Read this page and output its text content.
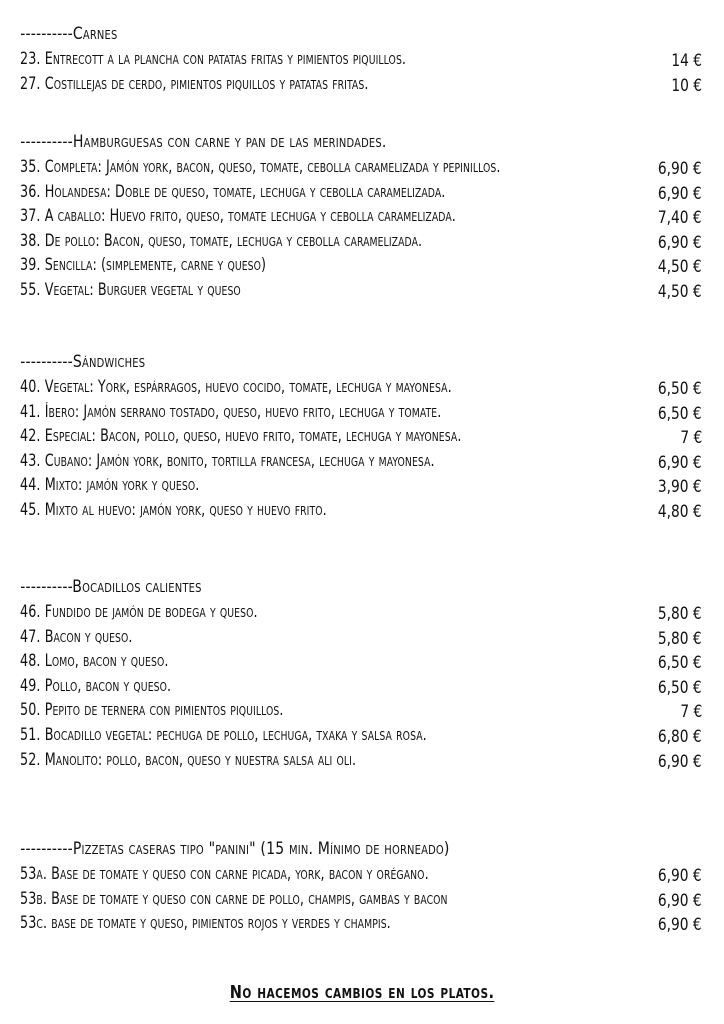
----------Carnes
23. Entrecott a la plancha con patatas fritas y pimientos piquillos.	14 €
27. Costillejas de cerdo, pimientos piquillos y patatas fritas.	10 €
----------Hamburguesas con carne y pan de las merindades.
35. Completa: Jamón york, bacon, queso, tomate, cebolla caramelizada y pepinillos.	6,90 €
36. Holandesa: Doble de queso, tomate, lechuga y cebolla caramelizada.	6,90 €
37. A caballo: Huevo frito, queso, tomate lechuga y cebolla caramelizada.	7,40 €
38. De pollo: Bacon, queso, tomate, lechuga y cebolla caramelizada.	6,90 €
39. Sencilla: (simplemente, carne y queso)	4,50 €
55. Vegetal: Burguer vegetal y queso	4,50 €
----------Sándwiches
40. Vegetal: York, espárragos, huevo cocido, tomate, lechuga y mayonesa.	6,50 €
41. Íbero: Jamón serrano tostado, queso, huevo frito, lechuga y tomate.	6,50 €
42. Especial: Bacon, pollo, queso, huevo frito, tomate, lechuga y mayonesa.	7 €
43. Cubano: Jamón york, bonito, tortilla francesa, lechuga y mayonesa.	6,90 €
44. Mixto: jamón york y queso.	3,90 €
45. Mixto al huevo: jamón york, queso y huevo frito.	4,80 €
----------Bocadillos calientes
46. Fundido de jamón de bodega y queso.	5,80 €
47. Bacon y queso.	5,80 €
48. Lomo, bacon y queso.	6,50 €
49. Pollo, bacon y queso.	6,50 €
50. Pepito de ternera con pimientos piquillos.	7 €
51. Bocadillo vegetal: pechuga de pollo, lechuga, txaka y salsa rosa.	6,80 €
52. Manolito: pollo, bacon, queso y nuestra salsa ali oli.	6,90 €
----------Pizzetas caseras tipo "panini" (15 min. Mínimo de horneado)
53a. Base de tomate y queso con carne picada, york, bacon y orégano.	6,90 €
53b. Base de tomate y queso con carne de pollo, champis, gambas y bacon	6,90 €
53c. base de tomate y queso, pimientos rojos y verdes y champis.	6,90 €
No hacemos cambios en los platos.
